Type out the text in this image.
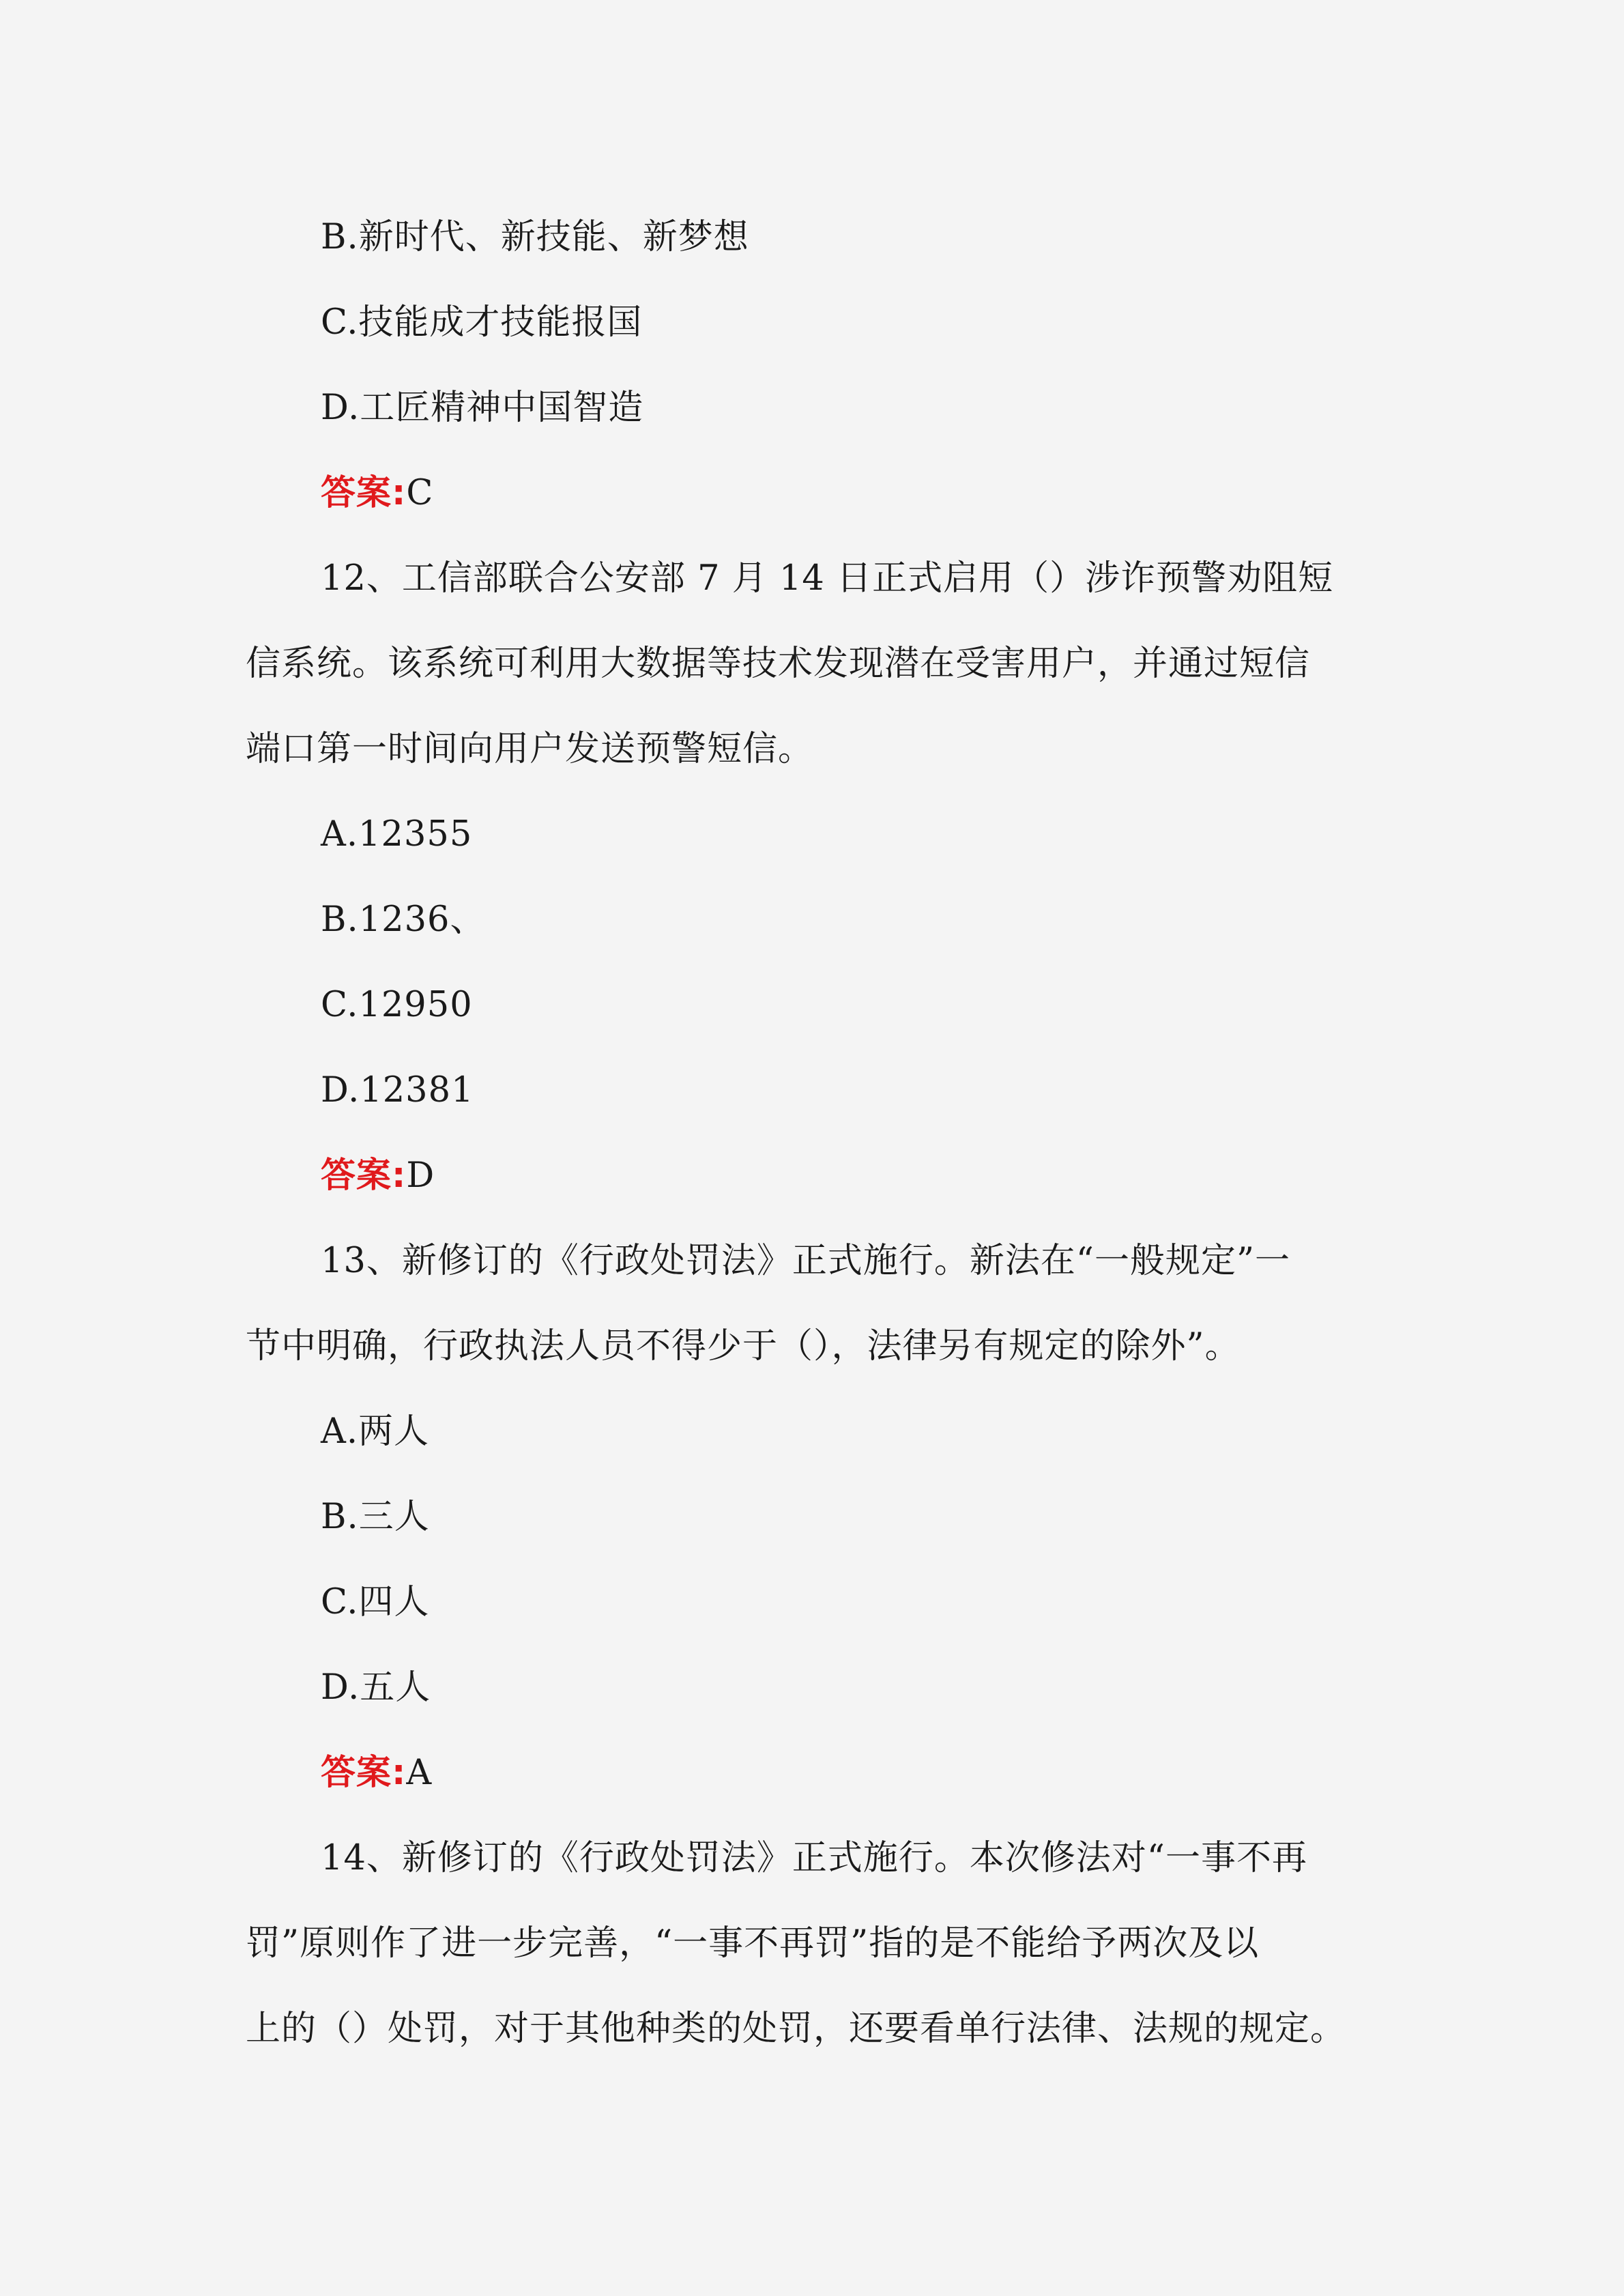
B.新时代、新技能、新梦想
C.技能成才技能报国
D.工匠精神中国智造
答案:C
12、工信部联合公安部 7 月 14 日正式启用（）涉诈预警劝阻短
信系统。该系统可利用大数据等技术发现潜在受害用户，并通过短信
端口第一时间向用户发送预警短信。
A.12355
B.1236、
C.12950
D.12381
答案:D
13、新修订的《行政处罚法》正式施行。新法在“一般规定”一
节中明确，行政执法人员不得少于（），法律另有规定的除外”。
A.两人
B.三人
C.四人
D.五人
答案:A
14、新修订的《行政处罚法》正式施行。本次修法对“一事不再
罚”原则作了进一步完善，“一事不再罚”指的是不能给予两次及以
上的（）处罚，对于其他种类的处罚，还要看单行法律、法规的规定。
